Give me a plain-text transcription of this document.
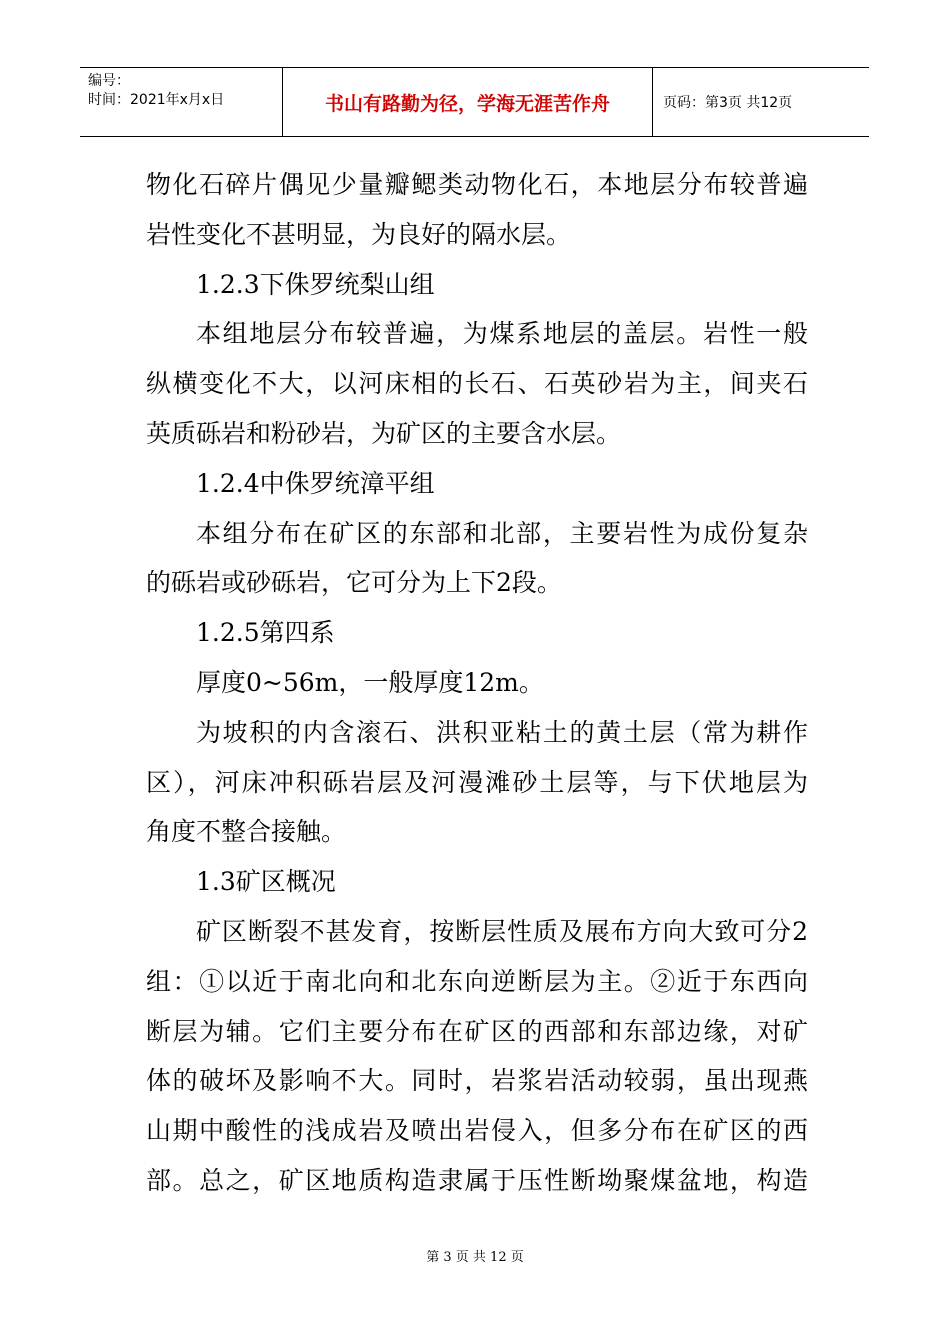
编号：
时间：2021年x月x日	书山有路勤为径，学海无涯苦作舟	页码：第3页 共12页
物化石碎片偶见少量瓣鳃类动物化石，本地层分布较普遍
岩性变化不甚明显，为良好的隔水层。
1.2.3下侏罗统梨山组
本组地层分布较普遍，为煤系地层的盖层。岩性一般
纵横变化不大，以河床相的长石、石英砂岩为主，间夹石
英质砾岩和粉砂岩，为矿区的主要含水层。
1.2.4中侏罗统漳平组
本组分布在矿区的东部和北部，主要岩性为成份复杂
的砾岩或砂砾岩，它可分为上下2段。
1.2.5第四系
厚度0~56m，一般厚度12m。
为坡积的内含滚石、洪积亚粘土的黄土层（常为耕作
区），河床冲积砾岩层及河漫滩砂土层等，与下伏地层为
角度不整合接触。
1.3矿区概况
矿区断裂不甚发育，按断层性质及展布方向大致可分2
组：①以近于南北向和北东向逆断层为主。②近于东西向
断层为辅。它们主要分布在矿区的西部和东部边缘，对矿
体的破坏及影响不大。同时，岩浆岩活动较弱，虽出现燕
山期中酸性的浅成岩及喷出岩侵入，但多分布在矿区的西
部。总之，矿区地质构造隶属于压性断坳聚煤盆地，构造
第 3 页 共 12 页
